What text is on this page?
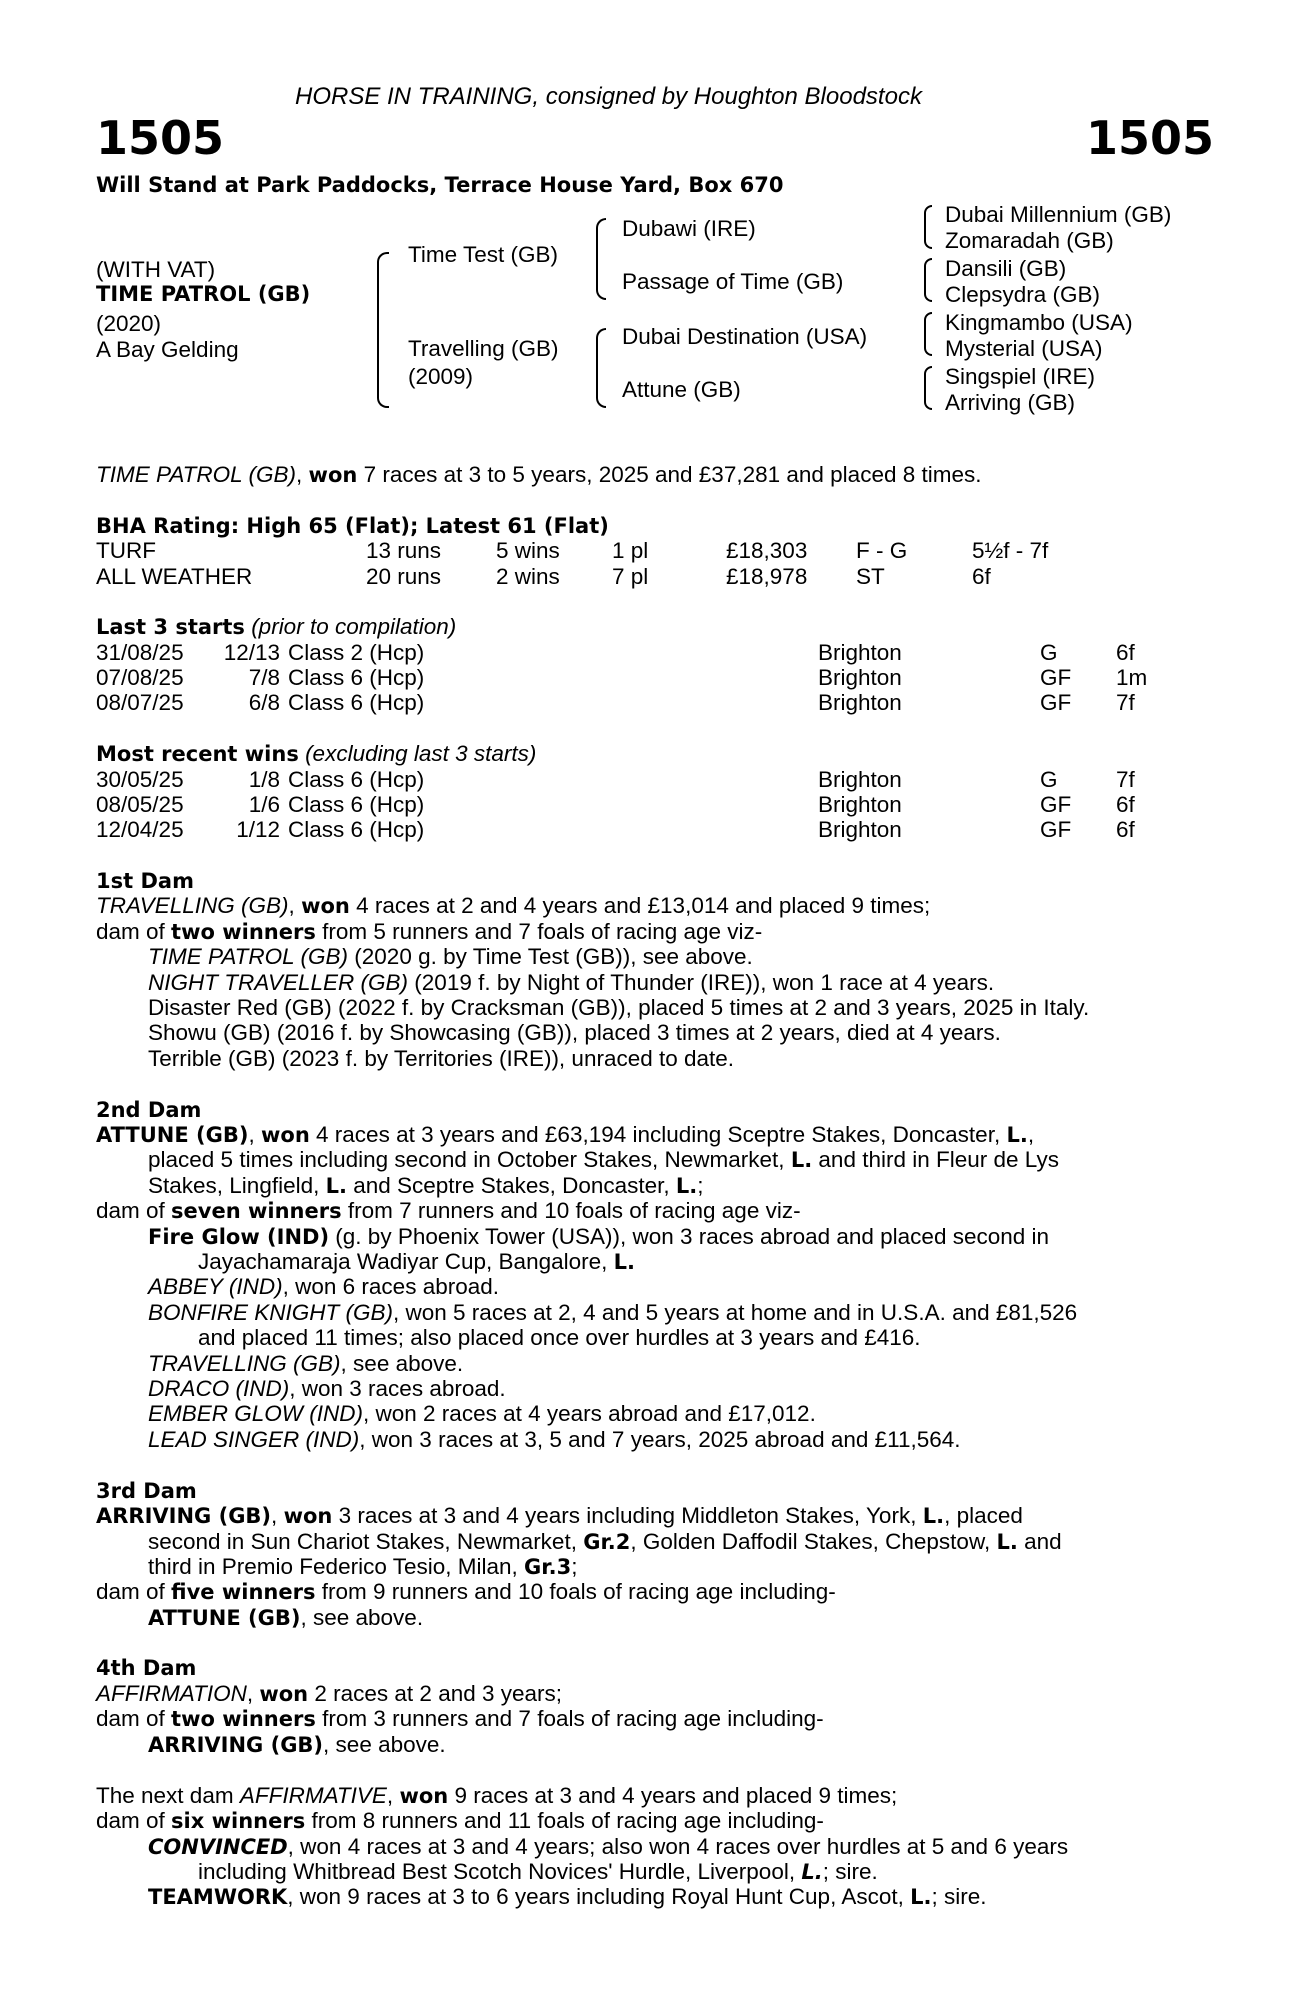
HORSE IN TRAINING, consigned by Houghton Bloodstock
1505	1505
Will Stand at Park Paddocks, Terrace House Yard, Box 670
(WITH VAT)
TIME PATROL (GB)
(2020)
A Bay Gelding
Time Test (GB)
Travelling (GB)
(2009)
Dubawi (IRE)
Passage of Time (GB)
Dubai Destination (USA)
Attune (GB)
Dubai Millennium (GB)
Zomaradah (GB)
Dansili (GB)
Clepsydra (GB)
Kingmambo (USA)
Mysterial (USA)
Singspiel (IRE)
Arriving (GB)
TIME PATROL (GB), won 7 races at 3 to 5 years, 2025 and £37,281 and placed 8 times.
BHA Rating: High 65 (Flat); Latest 61 (Flat)
TURF	13 runs 5 wins 1 pl	£18,303 F - G	5½f - 7f
ALL WEATHER	20 runs 2 wins 7 pl	£18,978 ST	6f
Last 3 starts (prior to compilation)
31/08/25	12/13 Class 2 (Hcp)	Brighton	G	6f
07/08/25	7/8 Class 6 (Hcp)	Brighton	GF 1m
08/07/25	6/8 Class 6 (Hcp)	Brighton	GF 7f
Most recent wins (excluding last 3 starts)
30/05/25	1/8 Class 6 (Hcp)	Brighton	G	7f
08/05/25	1/6 Class 6 (Hcp)	Brighton	GF 6f
12/04/25	1/12 Class 6 (Hcp)	Brighton	GF 6f
1st Dam
TRAVELLING (GB), won 4 races at 2 and 4 years and £13,014 and placed 9 times;
dam of two winners from 5 runners and 7 foals of racing age viz-
TIME PATROL (GB) (2020 g. by Time Test (GB)), see above.
NIGHT TRAVELLER (GB) (2019 f. by Night of Thunder (IRE)), won 1 race at 4 years.
Disaster Red (GB) (2022 f. by Cracksman (GB)), placed 5 times at 2 and 3 years, 2025 in Italy.
Showu (GB) (2016 f. by Showcasing (GB)), placed 3 times at 2 years, died at 4 years.
Terrible (GB) (2023 f. by Territories (IRE)), unraced to date.
2nd Dam
ATTUNE (GB), won 4 races at 3 years and £63,194 including Sceptre Stakes, Doncaster, L.,
placed 5 times including second in October Stakes, Newmarket, L. and third in Fleur de Lys
Stakes, Lingfield, L. and Sceptre Stakes, Doncaster, L.;
dam of seven winners from 7 runners and 10 foals of racing age viz-
Fire Glow (IND) (g. by Phoenix Tower (USA)), won 3 races abroad and placed second in
Jayachamaraja Wadiyar Cup, Bangalore, L.
ABBEY (IND), won 6 races abroad.
BONFIRE KNIGHT (GB), won 5 races at 2, 4 and 5 years at home and in U.S.A. and £81,526
and placed 11 times; also placed once over hurdles at 3 years and £416.
TRAVELLING (GB), see above.
DRACO (IND), won 3 races abroad.
EMBER GLOW (IND), won 2 races at 4 years abroad and £17,012.
LEAD SINGER (IND), won 3 races at 3, 5 and 7 years, 2025 abroad and £11,564.
3rd Dam
ARRIVING (GB), won 3 races at 3 and 4 years including Middleton Stakes, York, L., placed
second in Sun Chariot Stakes, Newmarket, Gr.2, Golden Daffodil Stakes, Chepstow, L. and
third in Premio Federico Tesio, Milan, Gr.3;
dam of five winners from 9 runners and 10 foals of racing age including-
ATTUNE (GB), see above.
4th Dam
AFFIRMATION, won 2 races at 2 and 3 years;
dam of two winners from 3 runners and 7 foals of racing age including-
ARRIVING (GB), see above.
The next dam AFFIRMATIVE, won 9 races at 3 and 4 years and placed 9 times;
dam of six winners from 8 runners and 11 foals of racing age including-
CONVINCED, won 4 races at 3 and 4 years; also won 4 races over hurdles at 5 and 6 years
including Whitbread Best Scotch Novices' Hurdle, Liverpool, L.; sire.
TEAMWORK, won 9 races at 3 to 6 years including Royal Hunt Cup, Ascot, L.; sire.
